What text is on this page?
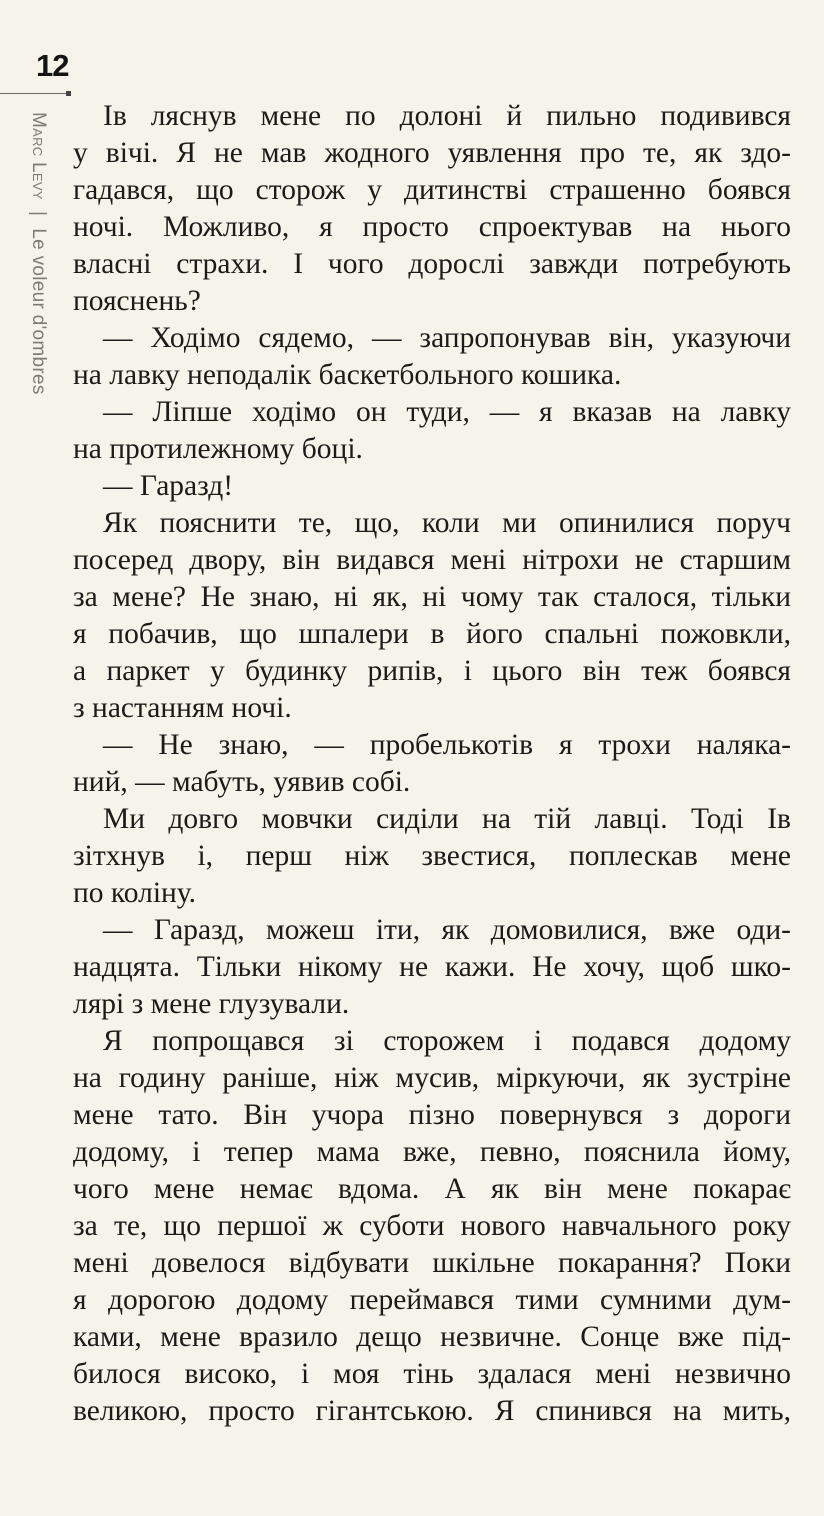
12
Marc Levy | Le voleur d'ombres
Ів ляснув мене по долоні й пильно подивився
у вічі. Я не мав жодного уявлення про те, як здо-
гадався, що сторож у дитинстві страшенно боявся
ночі. Можливо, я просто спроектував на нього
власні страхи. І чого дорослі завжди потребують
пояснень?
— Ходімо сядемо, — запропонував він, указуючи
на лавку неподалік баскетбольного кошика.
— Ліпше ходімо он туди, — я вказав на лавку
на протилежному боці.
— Гаразд!
Як пояснити те, що, коли ми опинилися поруч
посеред двору, він видався мені нітрохи не старшим
за мене? Не знаю, ні як, ні чому так сталося, тільки
я побачив, що шпалери в його спальні пожовкли,
а паркет у будинку рипів, і цього він теж боявся
з настанням ночі.
— Не знаю, — пробелькотів я трохи наляка-
ний, — мабуть, уявив собі.
Ми довго мовчки сиділи на тій лавці. Тоді Ів
зітхнув і, перш ніж звестися, поплескав мене
по коліну.
— Гаразд, можеш іти, як домовилися, вже оди-
надцята. Тільки нікому не кажи. Не хочу, щоб шко-
лярі з мене глузували.
Я попрощався зі сторожем і подався додому
на годину раніше, ніж мусив, міркуючи, як зустріне
мене тато. Він учора пізно повернувся з дороги
додому, і тепер мама вже, певно, пояснила йому,
чого мене немає вдома. А як він мене покарає
за те, що першої ж суботи нового навчального року
мені довелося відбувати шкільне покарання? Поки
я дорогою додому переймався тими сумними дум-
ками, мене вразило дещо незвичне. Сонце вже під-
билося високо, і моя тінь здалася мені незвично
великою, просто гігантською. Я спинився на мить,
